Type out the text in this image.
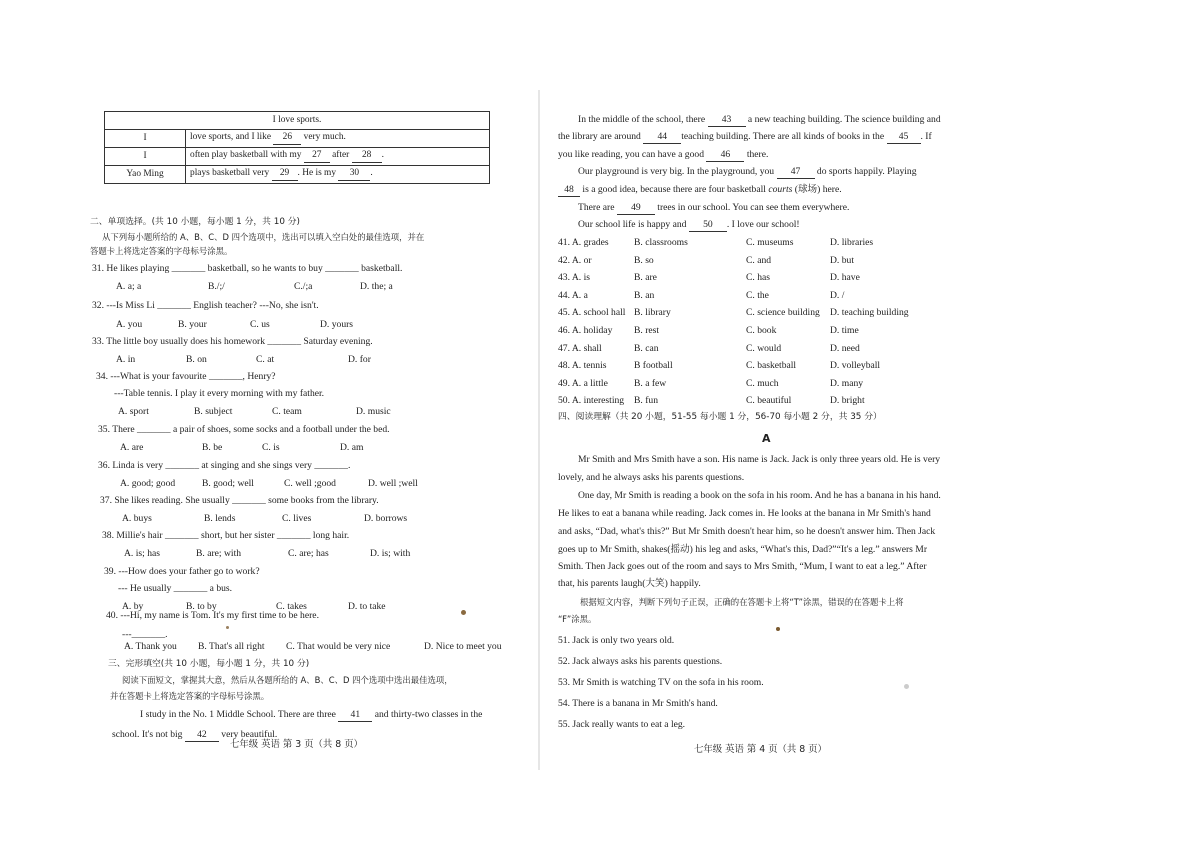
I love sports.	
I	love sports, and I like 26 very much.
I	often play basketball with my 27 after 28 .
Yao Ming	plays basketball very 29 . He is my 30 .
二、单项选择。(共 10 小题，每小题 1 分，共 10 分)
从下列每小题所给的 A、B、C、D 四个选项中，选出可以填入空白处的最佳选项，并在
答题卡上将选定答案的字母标号涂黑。
31. He likes playing _______ basketball, so he wants to buy _______ basketball.
A. a; a	B./;/	C./;a	D. the; a
32. ---Is Miss Li _______ English teacher? ---No, she isn't.
A. you	B. your	C. us	D. yours
33. The little boy usually does his homework _______ Saturday evening.
A. in	B. on	C. at	D. for
34. ---What is your favourite _______, Henry?
---Table tennis. I play it every morning with my father.
A. sport	B. subject	C. team	D. music
35. There _______ a pair of shoes, some socks and a football under the bed.
A. are	B. be	C. is	D. am
36. Linda is very _______ at singing and she sings very _______.
A. good; good	B. good; well	C. well ;good	D. well ;well
37. She likes reading. She usually _______ some books from the library.
A. buys	B. lends	C. lives	D. borrows
38. Millie's hair _______ short, but her sister _______ long hair.
A. is; has	B. are; with	C. are; has	D. is; with
39. ---How does your father go to work?
--- He usually _______ a bus.
A. by	B. to by	C. takes	D. to take
40. ---Hi, my name is Tom. It's my first time to be here.
---_______.
A. Thank you B. That's all right C. That would be very nice	D. Nice to meet you
三、完形填空(共 10 小题，每小题 1 分，共 10 分)
阅读下面短文，掌握其大意，然后从各题所给的 A、B、C、D 四个选项中选出最佳选项，
并在答题卡上将选定答案的字母标号涂黑。
I study in the No. 1 Middle School. There are three 41 and thirty-two classes in the
school. It's not big 42 very beautiful.
七年级 英语 第 3 页（共 8 页）
In the middle of the school, there 43 a new teaching building. The science building and
the library are around 44 teaching building. There are all kinds of books in the 45 . If
you like reading, you can have a good 46 there.
Our playground is very big. In the playground, you 47 do sports happily. Playing
48 is a good idea, because there are four basketball courts (球场) here.
There are 49 trees in our school. You can see them everywhere.
Our school life is happy and 50 . I love our school!
41. A. grades	B. classrooms	C. museums	D. libraries
42. A. or	B. so	C. and	D. but
43. A. is	B. are	C. has	D. have
44. A. a	B. an	C. the	D. /
45. A. school hall B. library	C. science building D. teaching building
46. A. holiday B. rest	C. book	D. time
47. A. shall	B. can	C. would	D. need
48. A. tennis	B football	C. basketball	D. volleyball
49. A. a little	B. a few	C. much	D. many
50. A. interesting B. fun	C. beautiful	D. bright
四、阅读理解（共 20 小题，51-55 每小题 1 分，56-70 每小题 2 分，共 35 分）
A
Mr Smith and Mrs Smith have a son. His name is Jack. Jack is only three years old. He is very
lovely, and he always asks his parents questions.
One day, Mr Smith is reading a book on the sofa in his room. And he has a banana in his hand.
He likes to eat a banana while reading. Jack comes in. He looks at the banana in Mr Smith's hand
and asks, “Dad, what's this?” But Mr Smith doesn't hear him, so he doesn't answer him. Then Jack
goes up to Mr Smith, shakes(摇动) his leg and asks, “What's this, Dad?”“It's a leg.” answers Mr
Smith. Then Jack goes out of the room and says to Mrs Smith, “Mum, I want to eat a leg.” After
that, his parents laugh(大笑) happily.
根据短文内容，判断下列句子正误，正确的在答题卡上将“T”涂黑，错误的在答题卡上将
“F”涂黑。
51. Jack is only two years old.
52. Jack always asks his parents questions.
53. Mr Smith is watching TV on the sofa in his room.
54. There is a banana in Mr Smith's hand.
55. Jack really wants to eat a leg.
七年级 英语 第 4 页（共 8 页）
